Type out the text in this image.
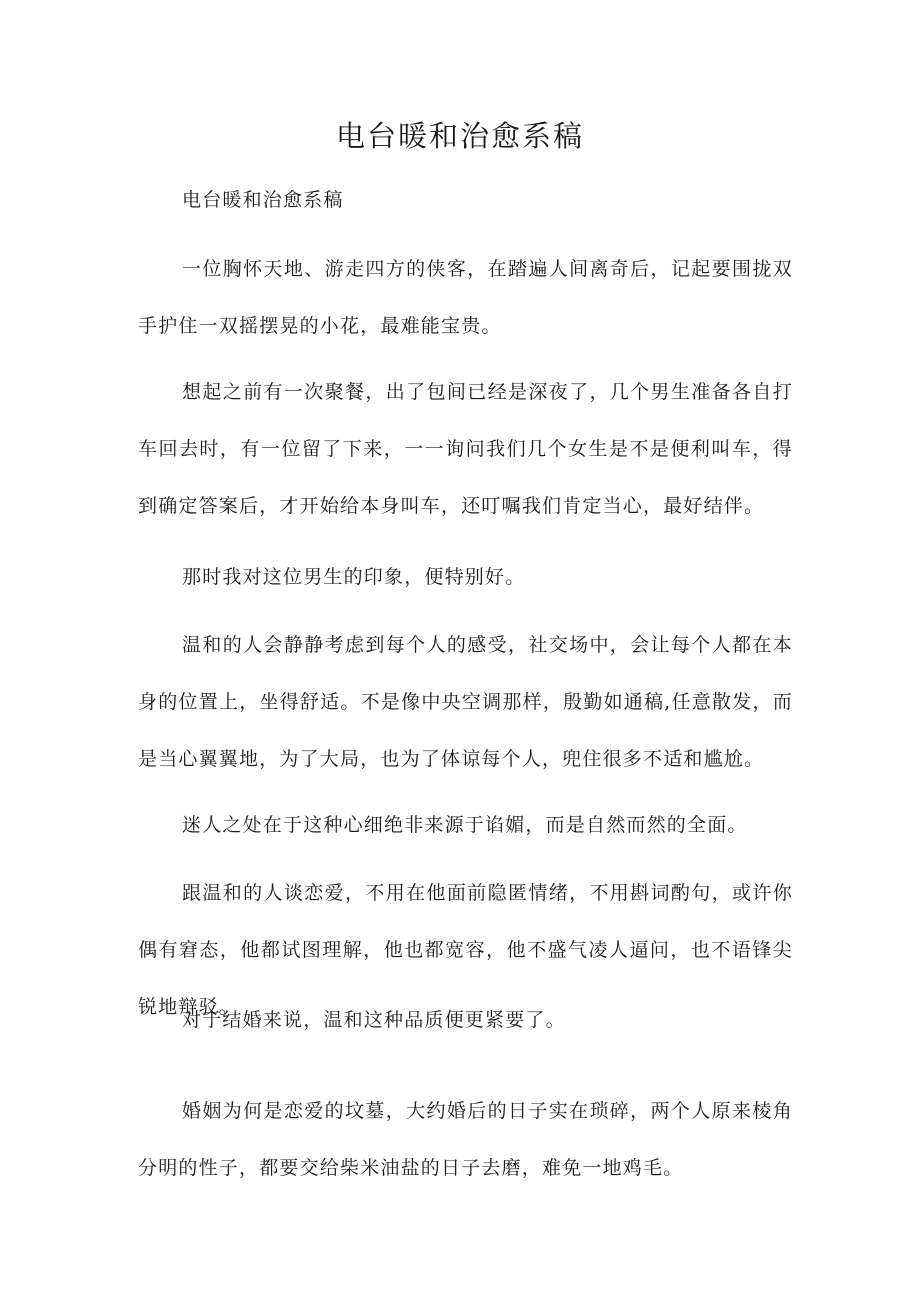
电台暖和治愈系稿

电台暖和治愈系稿

一位胸怀天地、游走四方的侠客，在踏遍人间离奇后，记起要围拢双手护住一双摇摆晃的小花，最难能宝贵。

想起之前有一次聚餐，出了包间已经是深夜了，几个男生准备各自打车回去时，有一位留了下来，一一询问我们几个女生是不是便利叫车，得到确定答案后，才开始给本身叫车，还叮嘱我们肯定当心，最好结伴。

那时我对这位男生的印象，便特别好。

温和的人会静静考虑到每个人的感受，社交场中，会让每个人都在本身的位置上，坐得舒适。不是像中央空调那样，殷勤如通稿,任意散发，而是当心翼翼地，为了大局，也为了体谅每个人，兜住很多不适和尴尬。

迷人之处在于这种心细绝非来源于谄媚，而是自然而然的全面。

跟温和的人谈恋爱，不用在他面前隐匿情绪，不用斟词酌句，或许你偶有窘态，他都试图理解，他也都宽容，他不盛气凌人逼问，也不语锋尖锐地辩驳。

对于结婚来说，温和这种品质便更紧要了。

婚姻为何是恋爱的坟墓，大约婚后的日子实在琐碎，两个人原来棱角分明的性子，都要交给柴米油盐的日子去磨，难免一地鸡毛。
